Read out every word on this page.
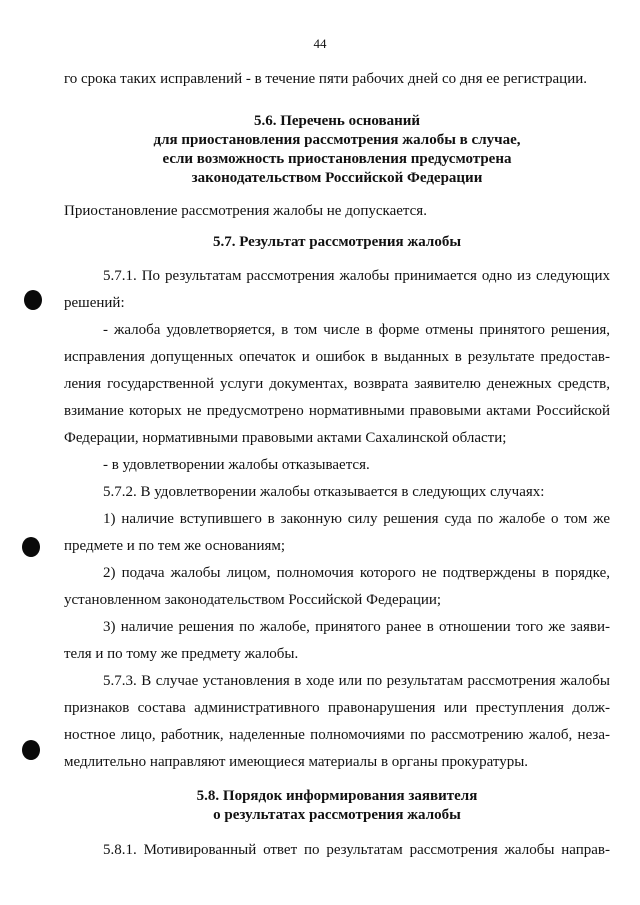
44
го срока таких исправлений - в течение пяти рабочих дней со дня ее регистрации.
5.6. Перечень оснований
для приостановления рассмотрения жалобы в случае,
если возможность приостановления предусмотрена
законодательством Российской Федерации
Приостановление рассмотрения жалобы не допускается.
5.7. Результат рассмотрения жалобы
5.7.1. По результатам рассмотрения жалобы принимается одно из следующих
решений:
- жалоба удовлетворяется, в том числе в форме отмены принятого решения,
исправления допущенных опечаток и ошибок в выданных в результате предостав-
ления государственной услуги документах, возврата заявителю денежных средств,
взимание которых не предусмотрено нормативными правовыми актами Российской
Федерации, нормативными правовыми актами Сахалинской области;
- в удовлетворении жалобы отказывается.
5.7.2. В удовлетворении жалобы отказывается в следующих случаях:
1) наличие вступившего в законную силу решения суда по жалобе о том же
предмете и по тем же основаниям;
2) подача жалобы лицом, полномочия которого не подтверждены в порядке,
установленном законодательством Российской Федерации;
3) наличие решения по жалобе, принятого ранее в отношении того же заяви-
теля и по тому же предмету жалобы.
5.7.3. В случае установления в ходе или по результатам рассмотрения жалобы
признаков состава административного правонарушения или преступления долж-
ностное лицо, работник, наделенные полномочиями по рассмотрению жалоб, неза-
медлительно направляют имеющиеся материалы в органы прокуратуры.
5.8. Порядок информирования заявителя
о результатах рассмотрения жалобы
5.8.1. Мотивированный ответ по результатам рассмотрения жалобы направ-
